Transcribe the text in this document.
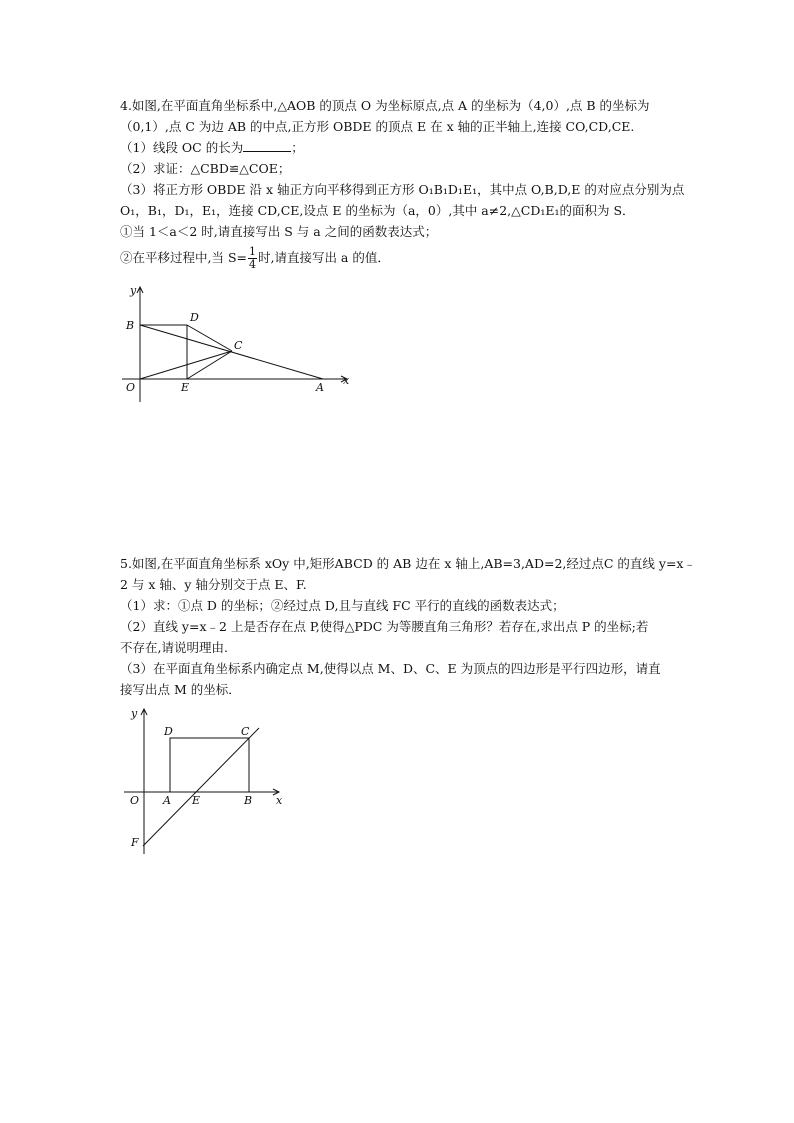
4.如图,在平面直角坐标系中,△AOB 的顶点 O 为坐标原点,点 A 的坐标为（4,0）,点 B 的坐标为
（0,1）,点 C 为边 AB 的中点,正方形 OBDE 的顶点 E 在 x 轴的正半轴上,连接 CO,CD,CE.
（1）线段 OC 的长为	；
（2）求证：△CBD≌△COE；
（3）将正方形 OBDE 沿 x 轴正方向平移得到正方形 O₁B₁D₁E₁，其中点 O,B,D,E 的对应点分别为点
O₁，B₁，D₁，E₁，连接 CD,CE,设点 E 的坐标为（a，0）,其中 a≠2,△CD₁E₁的面积为 S．
①当 1＜a＜2 时,请直接写出 S 与 a 之间的函数表达式；
②在平移过程中,当 $S= \frac{1}{4}$ 时,请直接写出 a 的值．
y
x
B
D
C
O	E	A
5.如图,在平面直角坐标系 xOy 中,矩形ABCD 的 AB 边在 x 轴上,AB=3,AD=2,经过点C 的直线 y=x﹣
2 与 x 轴、y 轴分别交于点 E、F.
（1）求：①点 D 的坐标；②经过点 D,且与直线 FC 平行的直线的函数表达式；
（2）直线 y=x﹣2 上是否存在点 P,使得△PDC 为等腰直角三角形？若存在,求出点 P 的坐标;若
不存在,请说明理由.
（3）在平面直角坐标系内确定点 M,使得以点 M、D、C、E 为顶点的四边形是平行四边形，请直
接写出点 M 的坐标．
y
x
D	C
O A E	B
F
